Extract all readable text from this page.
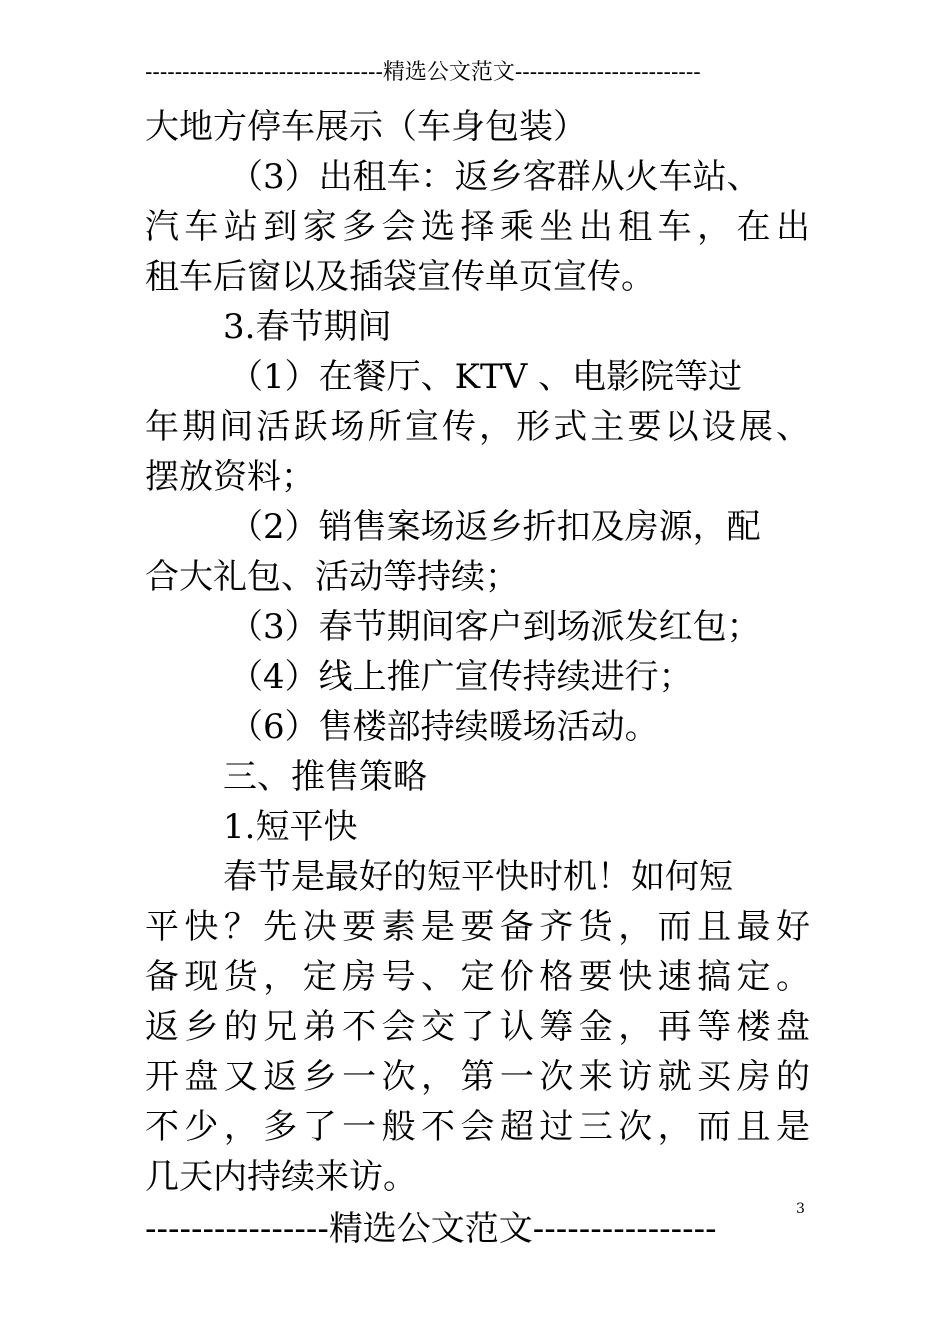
--------------------------------精选公文范文-------------------------
大地方停车展示（车身包装）
（3）出租车：返乡客群从火车站、
汽车站到家多会选择乘坐出租车，在出
租车后窗以及插袋宣传单页宣传。
3.春节期间
（1）在餐厅、KTV 、电影院等过
年期间活跃场所宣传，形式主要以设展、
摆放资料；
（2）销售案场返乡折扣及房源，配
合大礼包、活动等持续；
（3）春节期间客户到场派发红包；
（4）线上推广宣传持续进行；
（6）售楼部持续暖场活动。
三、推售策略
1.短平快
春节是最好的短平快时机！如何短
平快？先决要素是要备齐货，而且最好
备现货，定房号、定价格要快速搞定。
返乡的兄弟不会交了认筹金，再等楼盘
开盘又返乡一次，第一次来访就买房的
不少，多了一般不会超过三次，而且是
几天内持续来访。
----------------精选公文范文----------------	3
